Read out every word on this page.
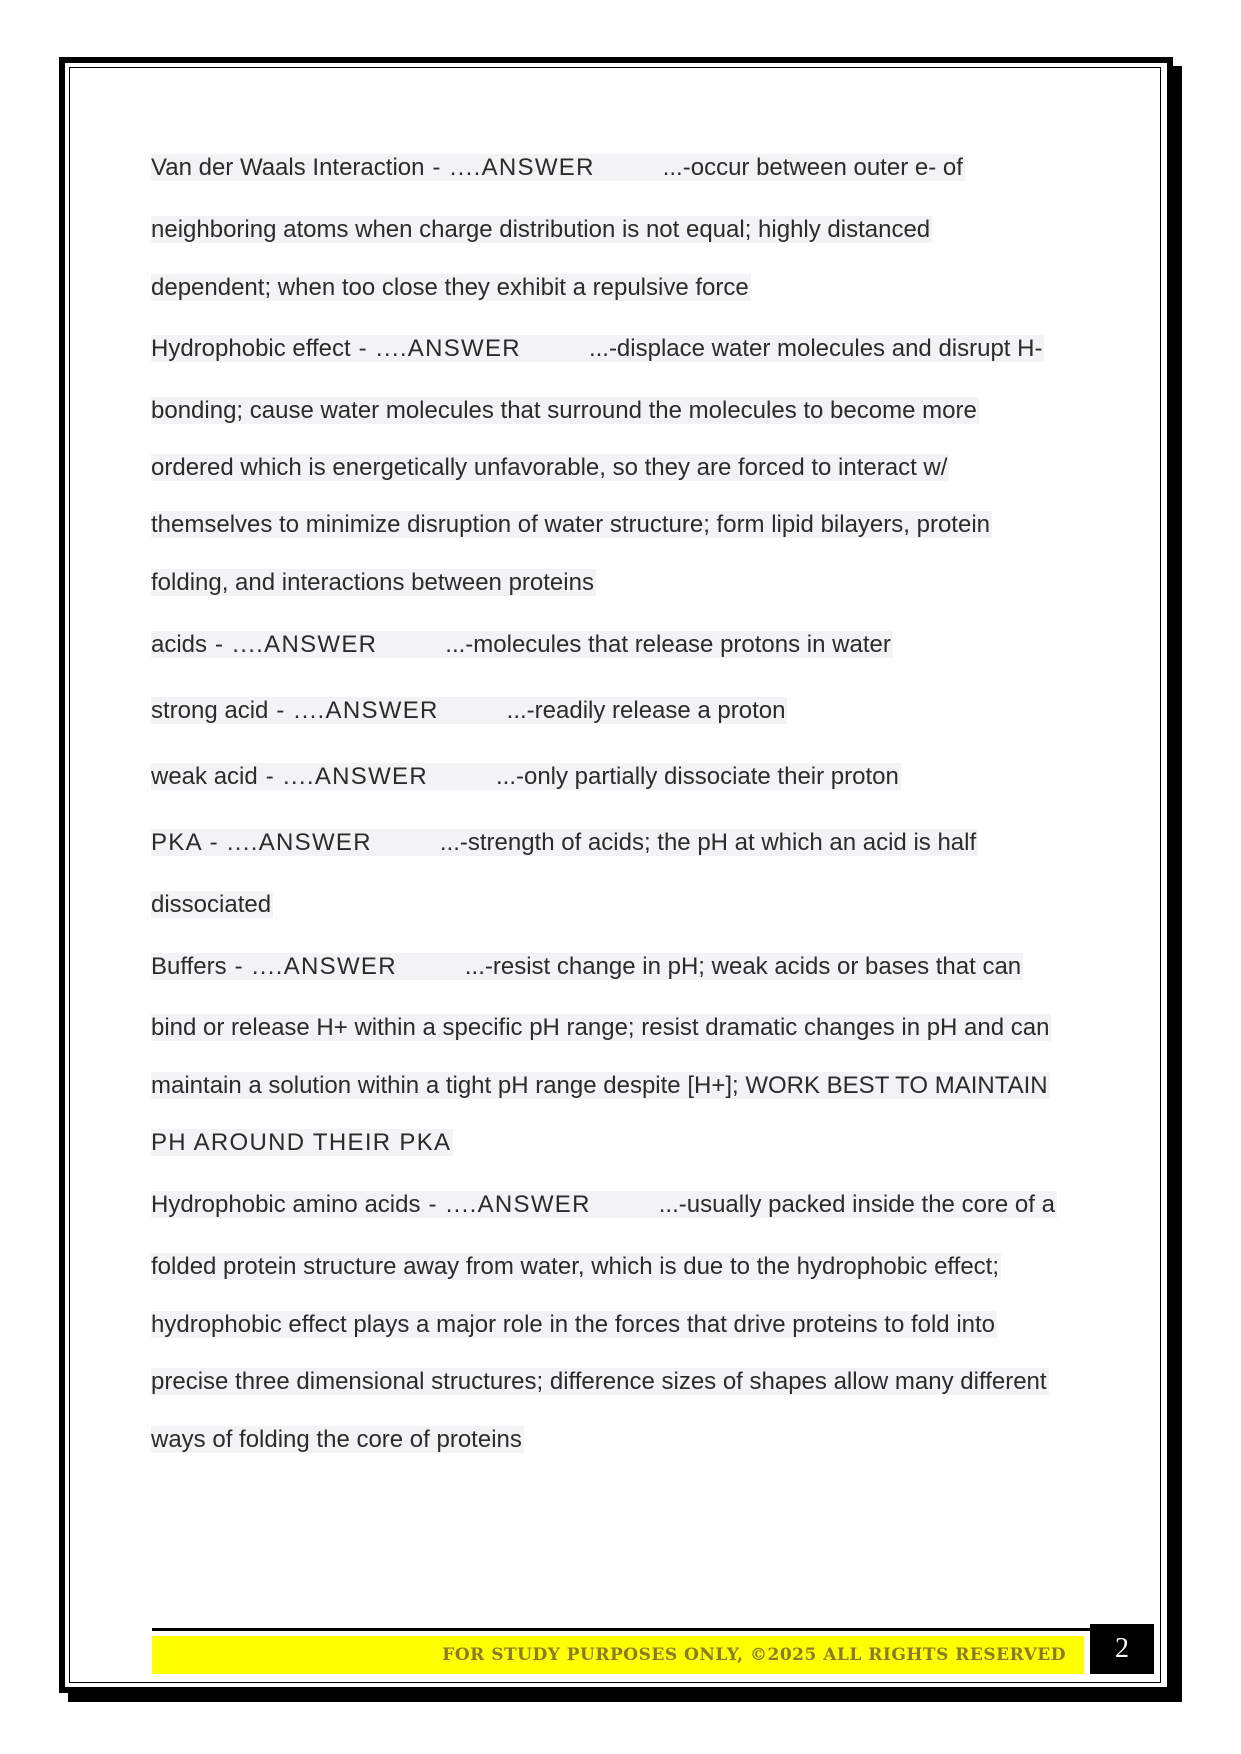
Van der Waals Interaction - ....ANSWER	...-occur between outer e- of
neighboring atoms when charge distribution is not equal; highly distanced
dependent; when too close they exhibit a repulsive force
Hydrophobic effect - ....ANSWER	...-displace water molecules and disrupt H-
bonding; cause water molecules that surround the molecules to become more
ordered which is energetically unfavorable, so they are forced to interact w/
themselves to minimize disruption of water structure; form lipid bilayers, protein
folding, and interactions between proteins
acids - ....ANSWER	...-molecules that release protons in water
strong acid - ....ANSWER	...-readily release a proton
weak acid - ....ANSWER	...-only partially dissociate their proton
PKA - ....ANSWER	...-strength of acids; the pH at which an acid is half
dissociated
Buffers - ....ANSWER	...-resist change in pH; weak acids or bases that can
bind or release H+ within a specific pH range; resist dramatic changes in pH and can
maintain a solution within a tight pH range despite [H+]; WORK BEST TO MAINTAIN
PH AROUND THEIR PKA
Hydrophobic amino acids - ....ANSWER	...-usually packed inside the core of a
folded protein structure away from water, which is due to the hydrophobic effect;
hydrophobic effect plays a major role in the forces that drive proteins to fold into
precise three dimensional structures; difference sizes of shapes allow many different
ways of folding the core of proteins
FOR STUDY PURPOSES ONLY, ©2025 ALL RIGHTS RESERVED	2
